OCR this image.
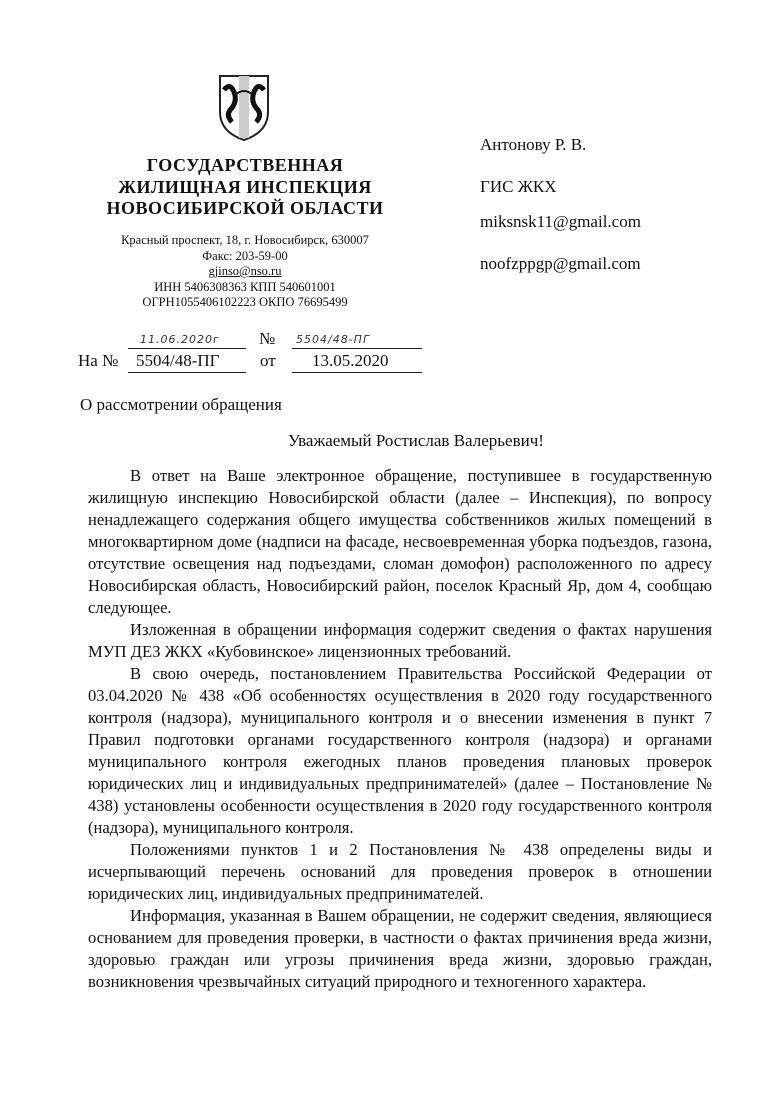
ГОСУДАРСТВЕННАЯ
ЖИЛИЩНАЯ ИНСПЕКЦИЯ
НОВОСИБИРСКОЙ ОБЛАСТИ
Красный проспект, 18, г. Новосибирск, 630007
Факс: 203-59-00
gjinso@nso.ru
ИНН 5406308363 КПП 540601001
ОГРН1055406102223 ОКПО 76695499
Антонову Р. В.
ГИС ЖКХ
miksnsk11@gmail.com
noofzppgp@gmail.com
11.06.2020г № 5504/48-ПГ
На № 5504/48-ПГ от 13.05.2020
О рассмотрении обращения
Уважаемый Ростислав Валерьевич!

В ответ на Ваше электронное обращение, поступившее в государственную жилищную инспекцию Новосибирской области (далее – Инспекция), по вопросу ненадлежащего содержания общего имущества собственников жилых помещений в многоквартирном доме (надписи на фасаде, несвоевременная уборка подъездов, газона, отсутствие освещения над подъездами, сломан домофон) расположенного по адресу Новосибирская область, Новосибирский район, поселок Красный Яр, дом 4, сообщаю следующее.

Изложенная в обращении информация содержит сведения о фактах нарушения МУП ДЕЗ ЖКХ «Кубовинское» лицензионных требований.

В свою очередь, постановлением Правительства Российской Федерации от 03.04.2020 № 438 «Об особенностях осуществления в 2020 году государственного контроля (надзора), муниципального контроля и о внесении изменения в пункт 7 Правил подготовки органами государственного контроля (надзора) и органами муниципального контроля ежегодных планов проведения плановых проверок юридических лиц и индивидуальных предпринимателей» (далее – Постановление № 438) установлены особенности осуществления в 2020 году государственного контроля (надзора), муниципального контроля.

Положениями пунктов 1 и 2 Постановления № 438 определены виды и исчерпывающий перечень оснований для проведения проверок в отношении юридических лиц, индивидуальных предпринимателей.

Информация, указанная в Вашем обращении, не содержит сведения, являющиеся основанием для проведения проверки, в частности о фактах причинения вреда жизни, здоровью граждан или угрозы причинения вреда жизни, здоровью граждан, возникновения чрезвычайных ситуаций природного и техногенного характера.
